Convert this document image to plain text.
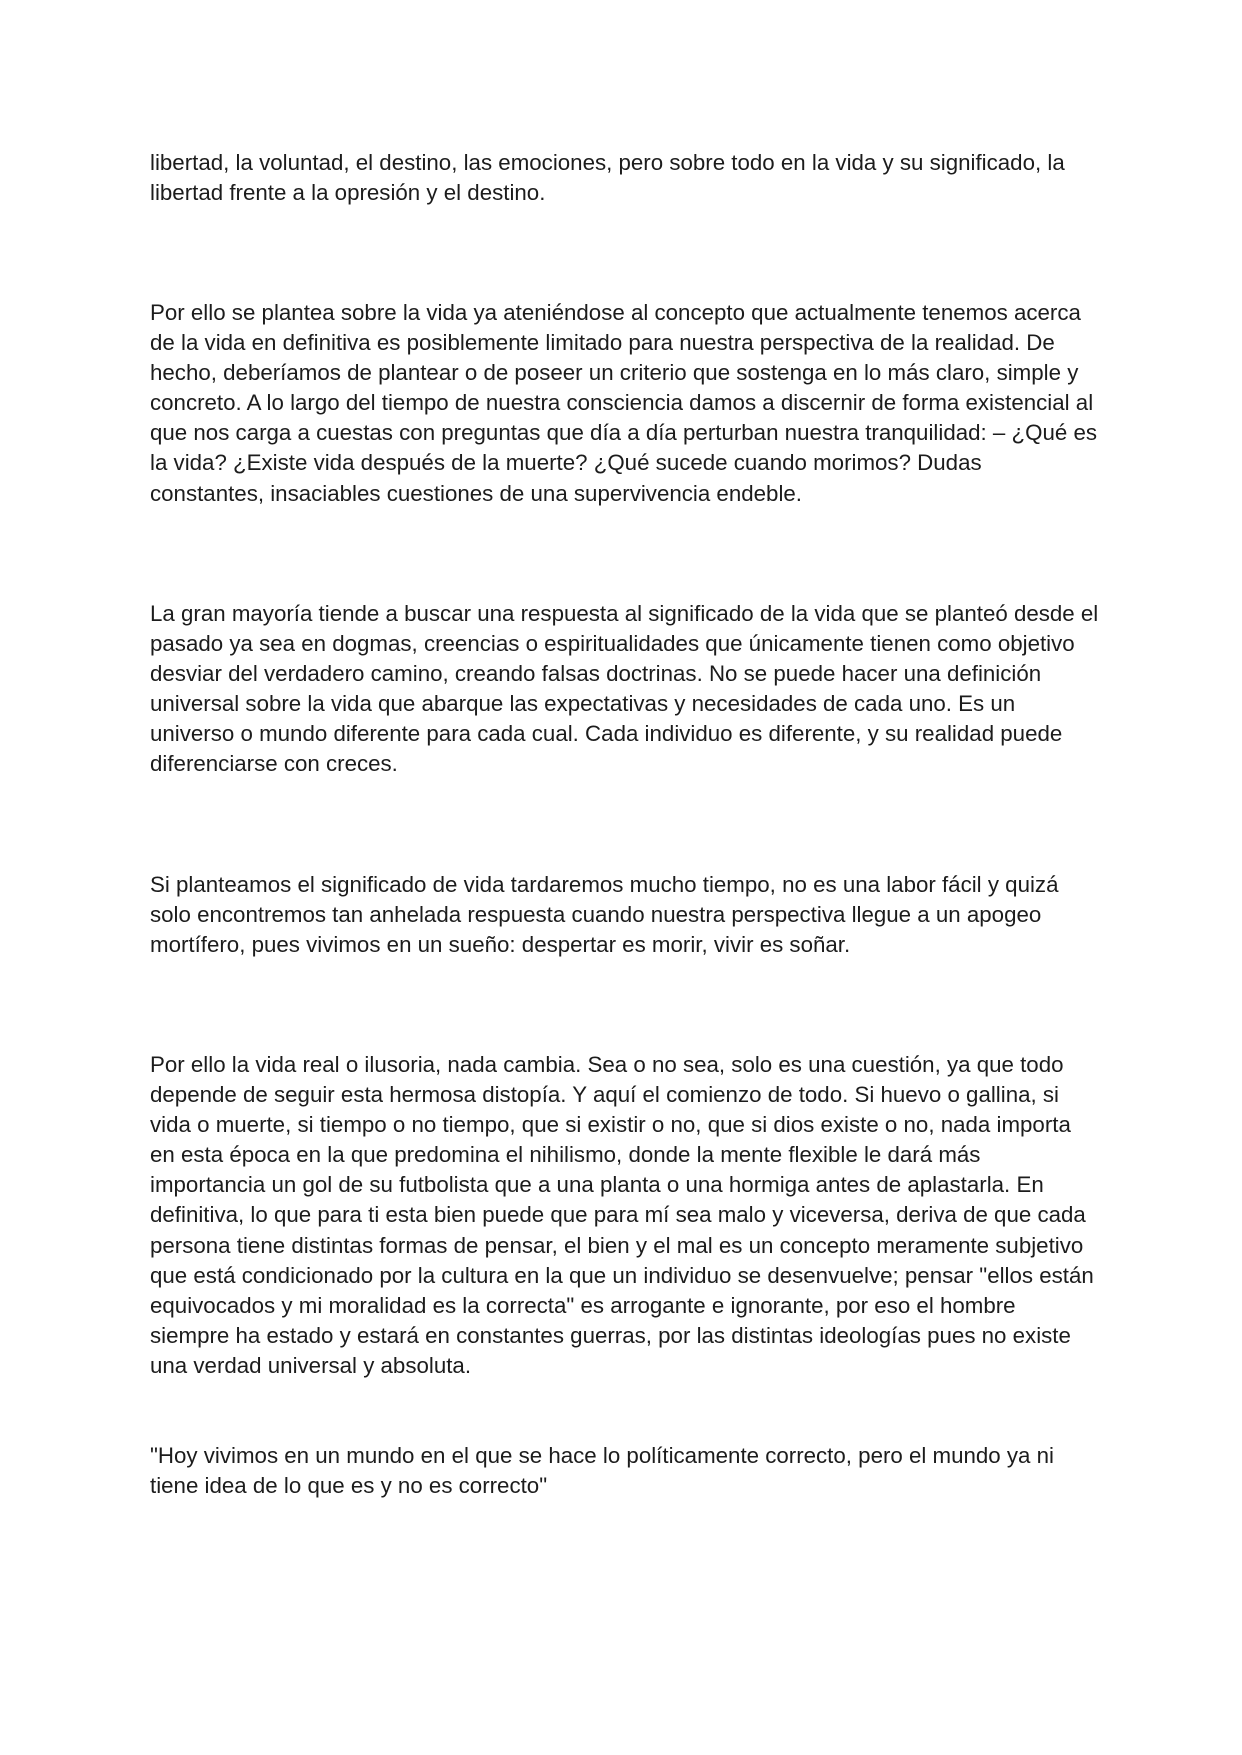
libertad, la voluntad, el destino, las emociones, pero sobre todo en la vida y su significado, la libertad frente a la opresión y el destino.

Por ello se plantea sobre la vida ya ateniéndose al concepto que actualmente tenemos acerca de la vida en definitiva es posiblemente limitado para nuestra perspectiva de la realidad. De hecho, deberíamos de plantear o de poseer un criterio que sostenga en lo más claro, simple y concreto. A lo largo del tiempo de nuestra consciencia damos a discernir de forma existencial al que nos carga a cuestas con preguntas que día a día perturban nuestra tranquilidad: – ¿Qué es la vida? ¿Existe vida después de la muerte? ¿Qué sucede cuando morimos? Dudas constantes, insaciables cuestiones de una supervivencia endeble.

La gran mayoría tiende a buscar una respuesta al significado de la vida que se planteó desde el pasado ya sea en dogmas, creencias o espiritualidades que únicamente tienen como objetivo desviar del verdadero camino, creando falsas doctrinas. No se puede hacer una definición universal sobre la vida que abarque las expectativas y necesidades de cada uno. Es un universo o mundo diferente para cada cual. Cada individuo es diferente, y su realidad puede diferenciarse con creces.

Si planteamos el significado de vida tardaremos mucho tiempo, no es una labor fácil y quizá solo encontremos tan anhelada respuesta cuando nuestra perspectiva llegue a un apogeo mortífero, pues vivimos en un sueño: despertar es morir, vivir es soñar.

Por ello la vida real o ilusoria, nada cambia. Sea o no sea, solo es una cuestión, ya que todo depende de seguir esta hermosa distopía. Y aquí el comienzo de todo. Si huevo o gallina, si vida o muerte, si tiempo o no tiempo, que si existir o no, que si dios existe o no, nada importa en esta época en la que predomina el nihilismo, donde la mente flexible le dará más importancia un gol de su futbolista que a una planta o una hormiga antes de aplastarla. En definitiva, lo que para ti esta bien puede que para mí sea malo y viceversa, deriva de que cada persona tiene distintas formas de pensar, el bien y el mal es un concepto meramente subjetivo que está condicionado por la cultura en la que un individuo se desenvuelve; pensar "ellos están equivocados y mi moralidad es la correcta" es arrogante e ignorante, por eso el hombre siempre ha estado y estará en constantes guerras, por las distintas ideologías pues no existe una verdad universal y absoluta.

"Hoy vivimos en un mundo en el que se hace lo políticamente correcto, pero el mundo ya ni tiene idea de lo que es y no es correcto"
